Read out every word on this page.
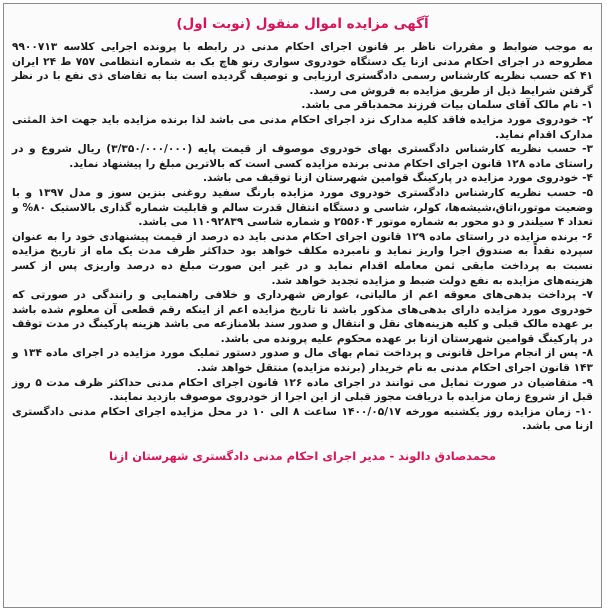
آگهی مزایده اموال منقول (نوبت اول)

به موجب ضوابط و مقررات ناظر بر قانون اجرای احکام مدنی در رابطه با پرونده اجرایی کلاسه ۹۹۰۰۷۱۳ مطروحه در اجرای احکام مدنی ازنا یک دستگاه خودروی سواری رنو هاچ بک به شماره انتظامی ۷۵۷ ط ۲۴ ایران ۴۱ که حسب نظریه کارشناس رسمی دادگستری ارزیابی و توصیف گردیده است بنا به تقاضای ذی نفع با در نظر گرفتن شرایط ذیل از طریق مزایده به فروش می رسد.

۱- نام مالک آقای سلمان بیات فرزند محمدباقر می باشد.

۲- خودروی مورد مزایده فاقد کلیه مدارک نزد اجرای احکام مدنی می باشد لذا برنده مزایده باید جهت اخذ المثنی مدارک اقدام نماید.

۳- حسب نظریه کارشناس دادگستری بهای خودروی موصوف از قیمت پایه (۳/۳۵۰/۰۰۰/۰۰۰) ریال شروع و در راستای ماده ۱۲۸ قانون اجرای احکام مدنی برنده مزایده کسی است که بالاترین مبلغ را پیشنهاد نماید.

۴- خودروی مورد مزایده در پارکینگ قوامین شهرستان ازنا توقیف می باشد.

۵- حسب نظریه کارشناس دادگستری خودروی مورد مزایده بارنگ سفید روغنی بنزین سوز و مدل ۱۳۹۷ و با وضعیت موتور،اتاق،شیشه‌ها، کولر، شاسی و دستگاه انتقال قدرت سالم و قابلیت شماره گذاری بالاستیک ۸۰% و تعداد ۴ سیلندر و دو محور به شماره موتور ۲۵۵۶۰۴ و شماره شاسی ۱۱۰۹۲۸۳۹ می باشد.

۶- برنده مزایده در راستای ماده ۱۲۹ قانون اجرای احکام مدنی باید ده درصد از قیمت پیشنهادی خود را به عنوان سپرده نقداً به صندوق اجرا واریز نماید و نامبرده مکلف خواهد بود حداکثر ظرف مدت یک ماه از تاریخ مزایده نسبت به پرداخت مابقی ثمن معامله اقدام نماید و در غیر این صورت مبلغ ده درصد واریزی پس از کسر هزینه‌های مزایده به نفع دولت ضبط و مزایده تجدید خواهد شد.

۷- پرداخت بدهی‌های معوقه اعم از مالیاتی، عوارض شهرداری و خلافی راهنمایی و رانندگی در صورتی که خودروی مورد مزایده دارای بدهی‌های مذکور باشد تا تاریخ مزایده اعم از اینکه رقم قطعی آن معلوم شده باشد بر عهده مالک قبلی و کلیه هزینه‌های نقل و انتقال و صدور سند بلامنازعه می باشد هزینه پارکینگ در مدت توقف در پارکینگ قوامین شهرستان ازنا بر عهده محکوم علیه پرونده می باشد.

۸- پس از انجام مراحل قانونی و پرداخت تمام بهای مال و صدور دستور تملیک مورد مزایده در اجرای ماده ۱۳۴ و ۱۴۳ قانون اجرای احکام مدنی به نام خریدار (برنده مزایده) منتقل خواهد شد.

۹- متقاضیان در صورت تمایل می توانند در اجرای ماده ۱۲۶ قانون اجرای احکام مدنی حداکثر ظرف مدت ۵ روز قبل از شروع زمان مزایده با دریافت مجوز قبلی از این اجرا از خودروی موصوف بازدید نمایند.

۱۰- زمان مزایده روز یکشنبه مورخه ۱۴۰۰/۰۵/۱۷ ساعت ۸ الی ۱۰ در محل مزایده اجرای احکام مدنی دادگستری ازنا می باشد.

محمدصادق دالوند - مدیر اجرای احکام مدنی دادگستری شهرستان ازنا
